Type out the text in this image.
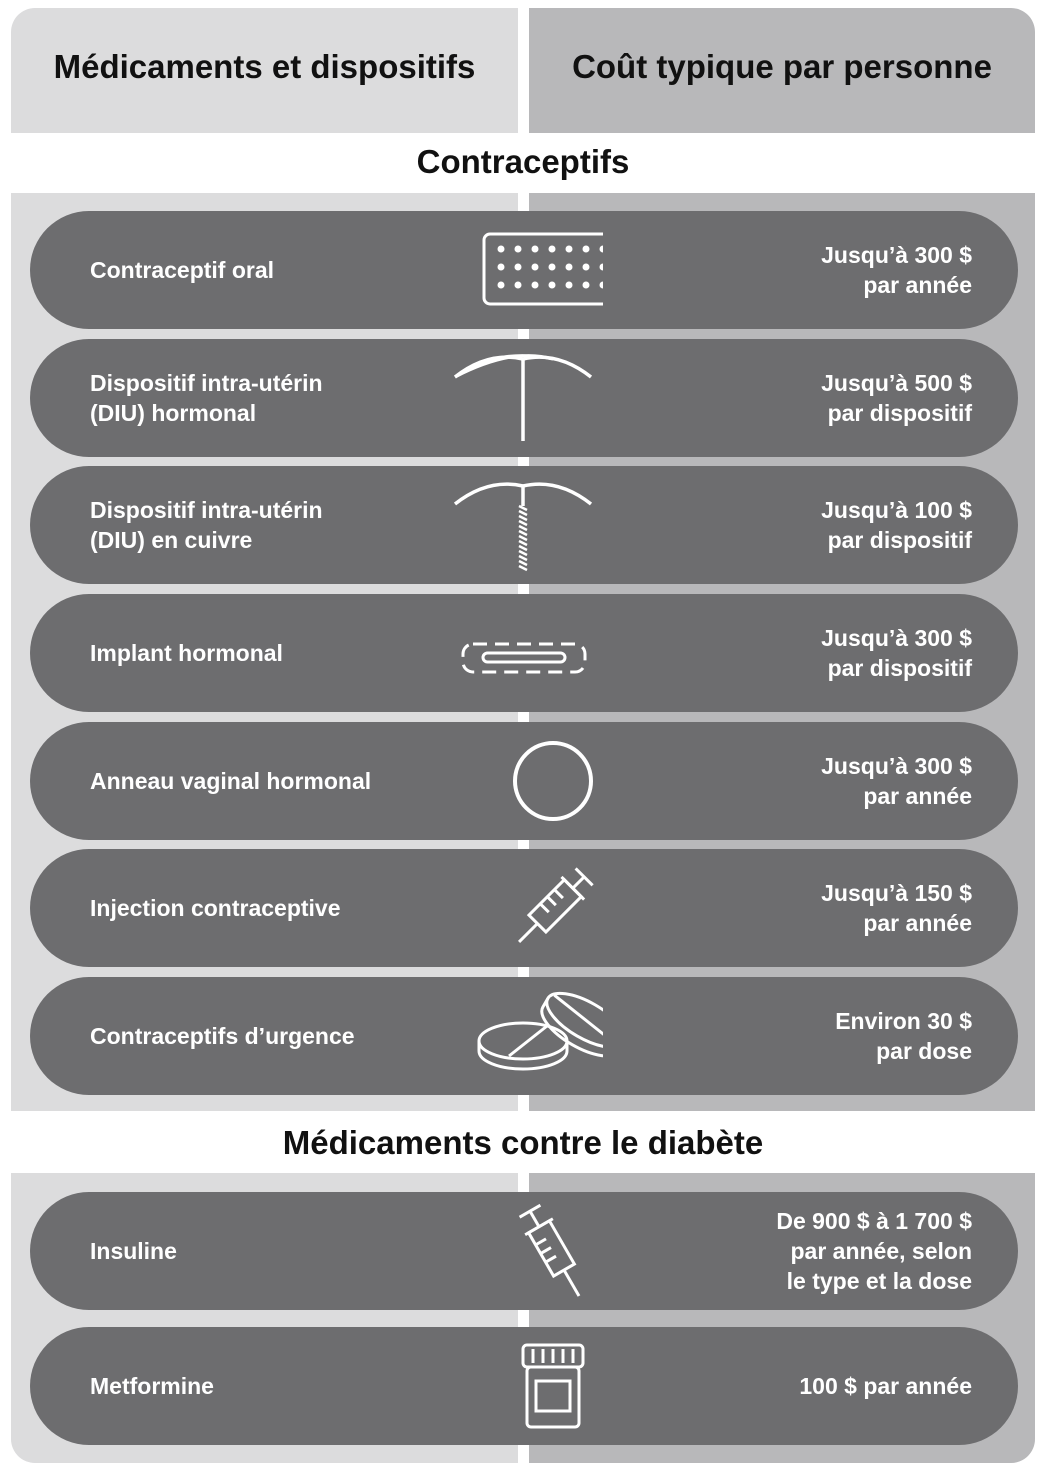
Médicaments et dispositifs	Coût typique par personne
Contraceptifs
Médicaments contre le diabète
Contraceptif oral
Jusqu’à 300 $
par année
Dispositif intra-utérin
(DIU) hormonal
Jusqu’à 500 $
par dispositif
Dispositif intra-utérin
(DIU) en cuivre
Jusqu’à 100 $
par dispositif
Implant hormonal
Jusqu’à 300 $
par dispositif
Anneau vaginal hormonal
Jusqu’à 300 $
par année
Injection contraceptive
Jusqu’à 150 $
par année
Contraceptifs d’urgence
Environ 30 $
par dose
Insuline
De 900 $ à 1 700 $
par année, selon
le type et la dose
Metformine	100 $ par année
